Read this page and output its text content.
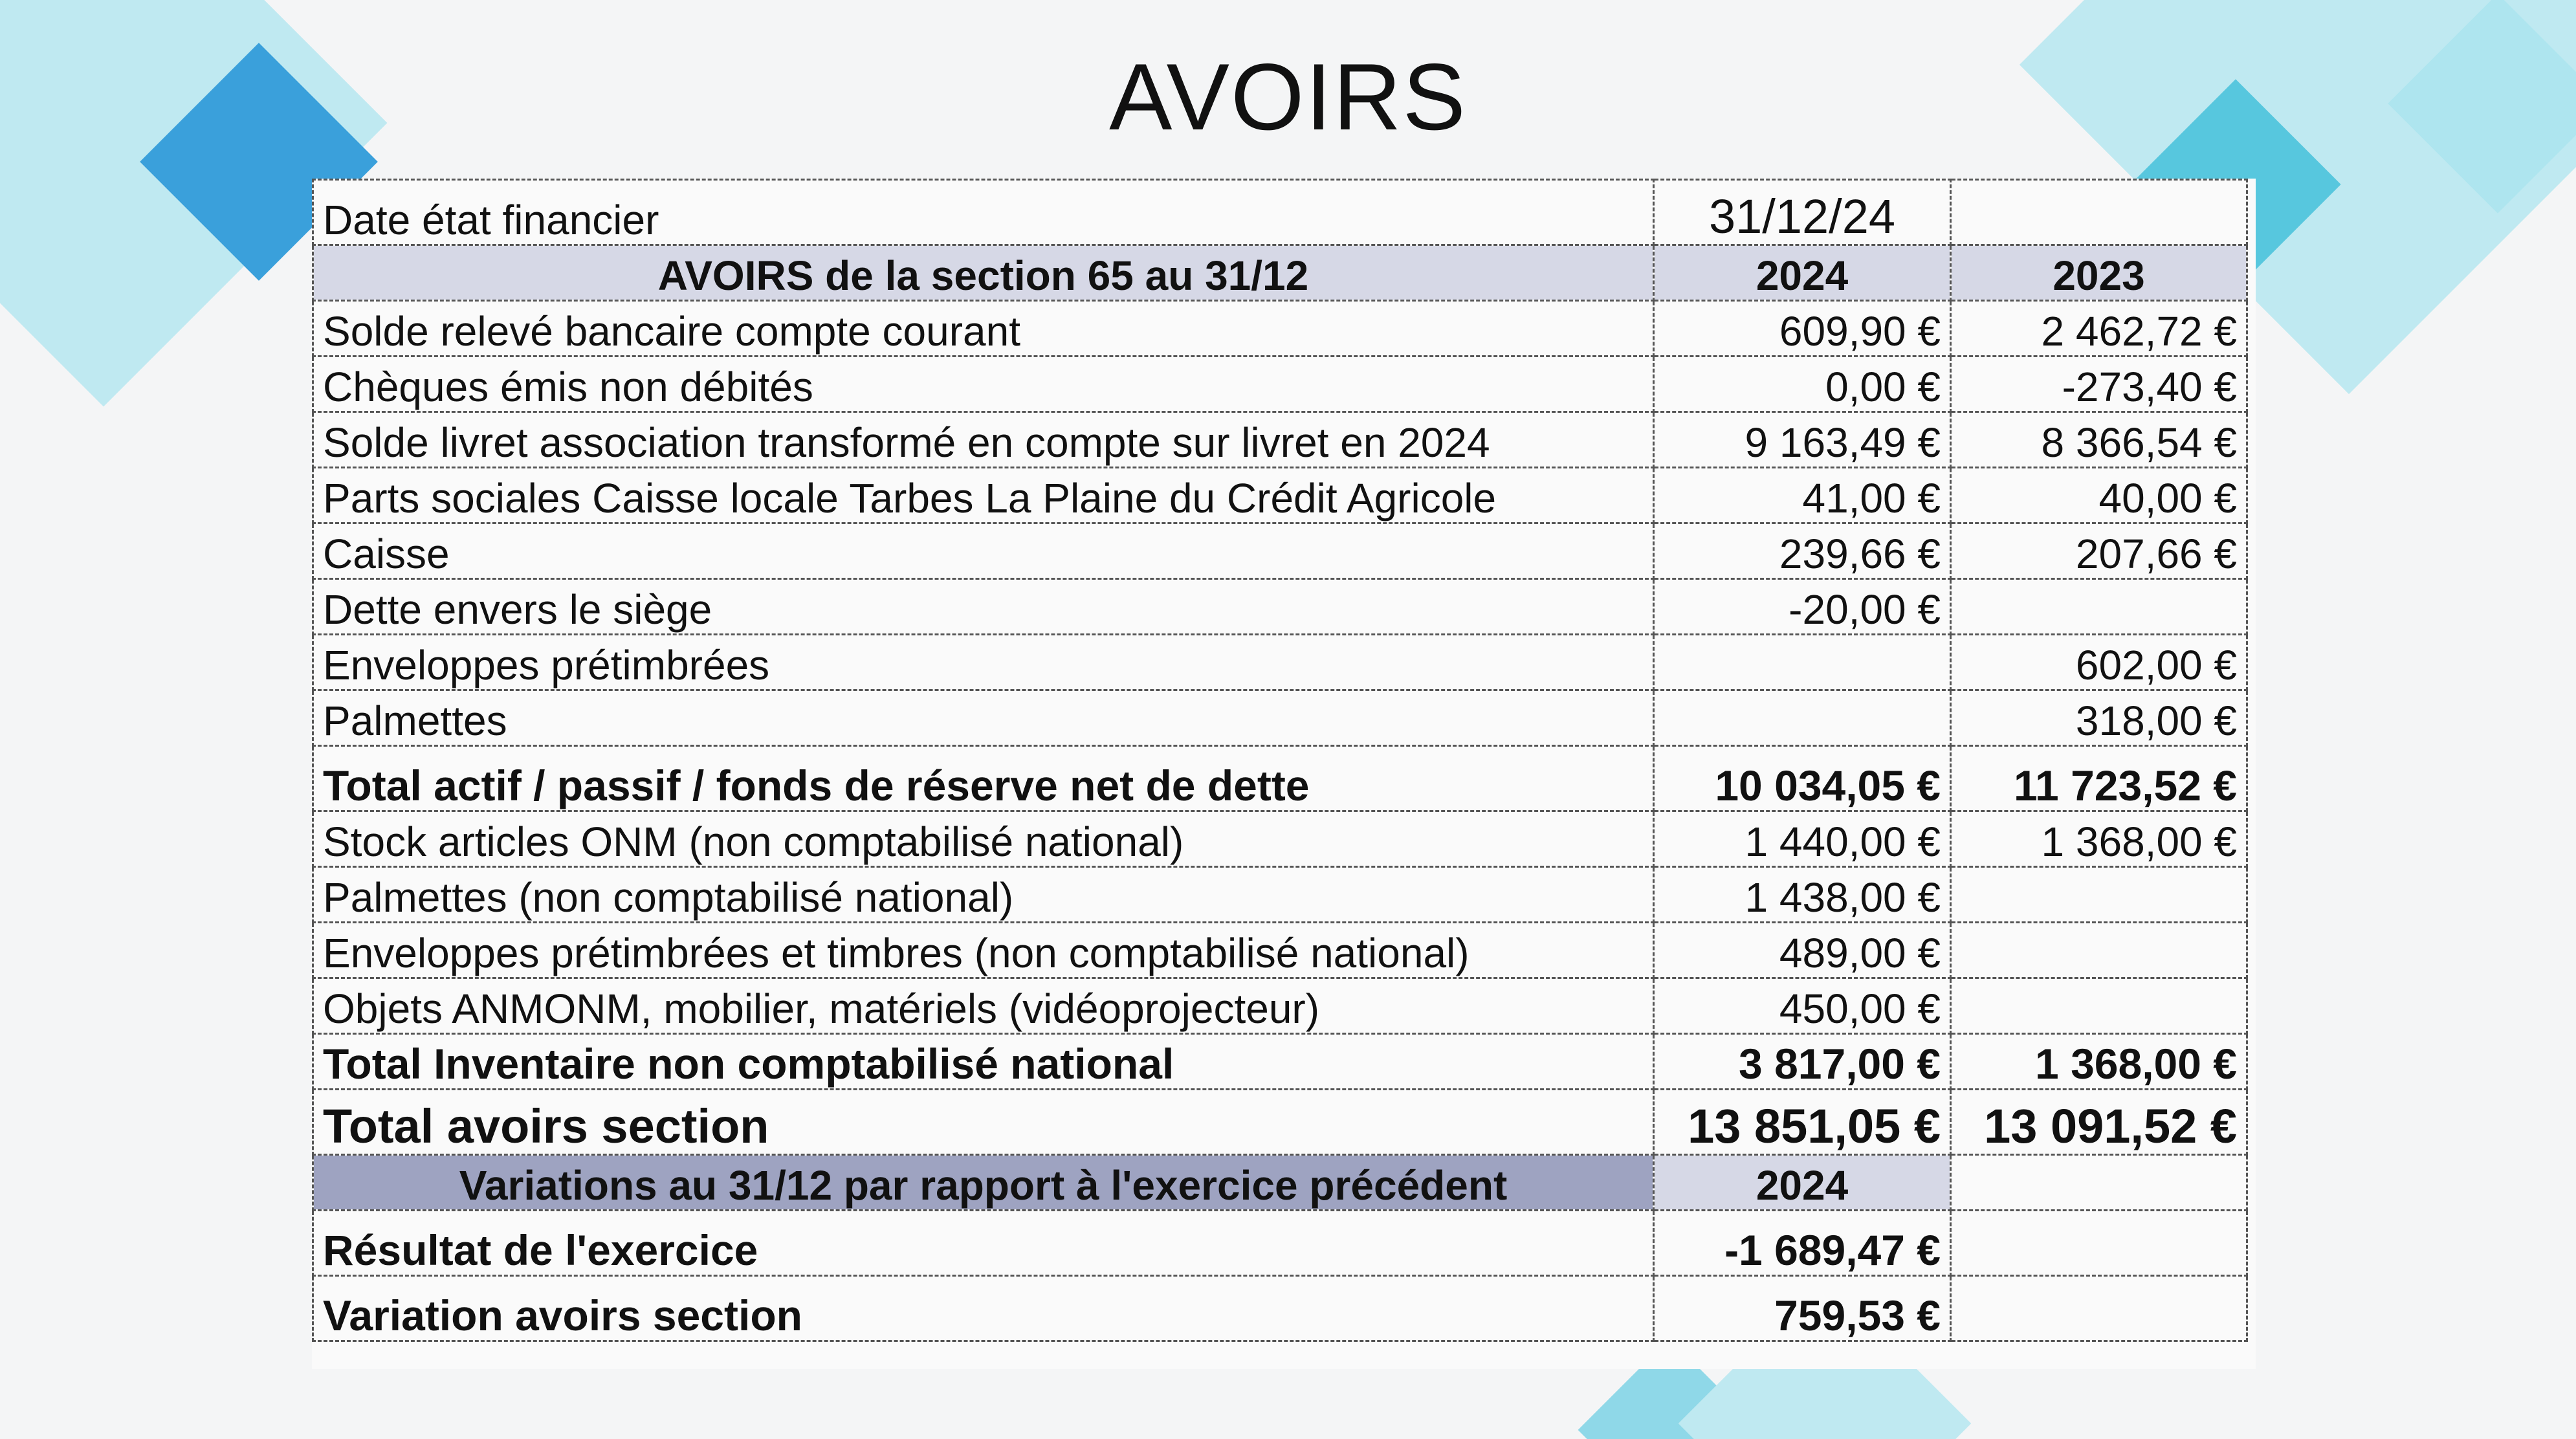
AVOIRS
Date état financier	31/12/24	
AVOIRS de la section 65 au 31/12	2024	2023
Solde relevé bancaire compte courant	609,90 €	2 462,72 €
Chèques émis non débités	0,00 €	-273,40 €
Solde livret association transformé en compte sur livret en 2024	9 163,49 €	8 366,54 €
Parts sociales Caisse locale Tarbes La Plaine du Crédit Agricole	41,00 €	40,00 €
Caisse	239,66 €	207,66 €
Dette envers le siège	-20,00 €	
Enveloppes prétimbrées		602,00 €
Palmettes		318,00 €
Total actif / passif / fonds de réserve net de dette	10 034,05 €	11 723,52 €
Stock articles ONM (non comptabilisé national)	1 440,00 €	1 368,00 €
Palmettes (non comptabilisé national)	1 438,00 €	
Enveloppes prétimbrées et timbres (non comptabilisé national)	489,00 €	
Objets ANMONM, mobilier, matériels (vidéoprojecteur)	450,00 €	
Total Inventaire non comptabilisé national	3 817,00 €	1 368,00 €
Total avoirs section	13 851,05 €	13 091,52 €
Variations au 31/12 par rapport à l'exercice précédent	2024	
Résultat de l'exercice	-1 689,47 €	
Variation avoirs section	759,53 €	
